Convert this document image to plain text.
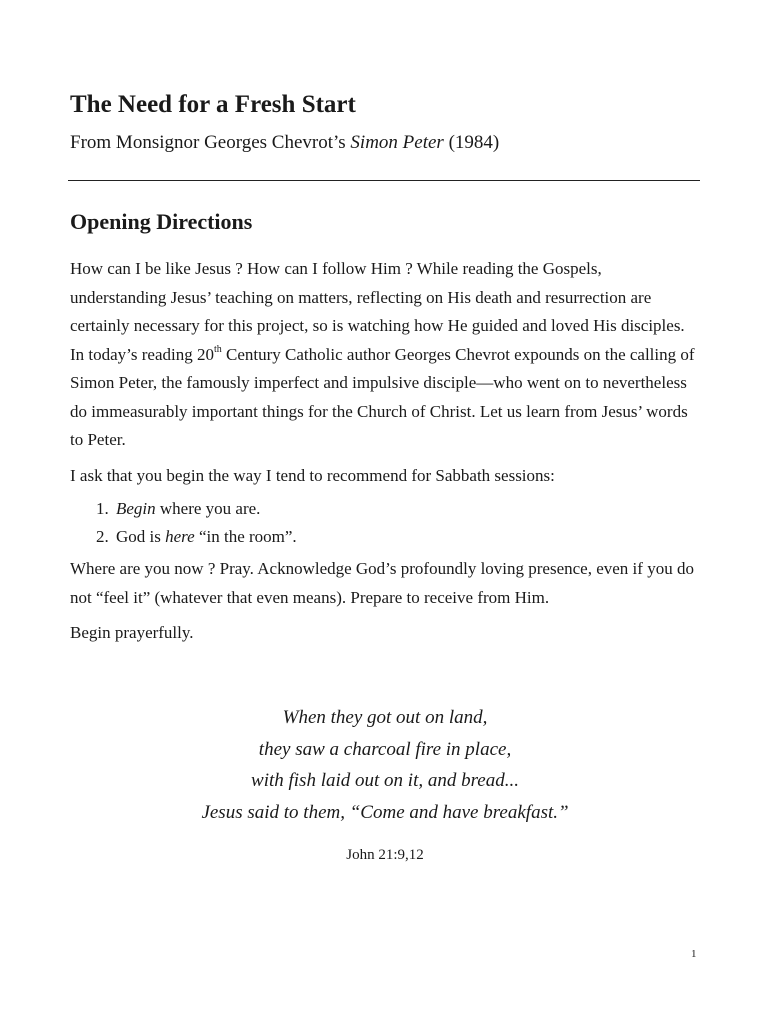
The Need for a Fresh Start

From Monsignor Georges Chevrot’s Simon Peter (1984)

Opening Directions

How can I be like Jesus ? How can I follow Him ? While reading the Gospels, understanding Jesus’ teaching on matters, reflecting on His death and resurrection are certainly necessary for this project, so is watching how He guided and loved His disciples. In today’s reading 20th Century Catholic author Georges Chevrot expounds on the calling of Simon Peter, the famously imperfect and impulsive disciple—who went on to nevertheless do immeasurably important things for the Church of Christ. Let us learn from Jesus’ words to Peter.

I ask that you begin the way I tend to recommend for Sabbath sessions:

1. Begin where you are.
2. God is here “in the room”.

Where are you now ? Pray. Acknowledge God’s profoundly loving presence, even if you do not “feel it” (whatever that even means). Prepare to receive from Him.

Begin prayerfully.

When they got out on land,
they saw a charcoal fire in place,
with fish laid out on it, and bread...
Jesus said to them, “Come and have breakfast.”
John 21:9,12
1
